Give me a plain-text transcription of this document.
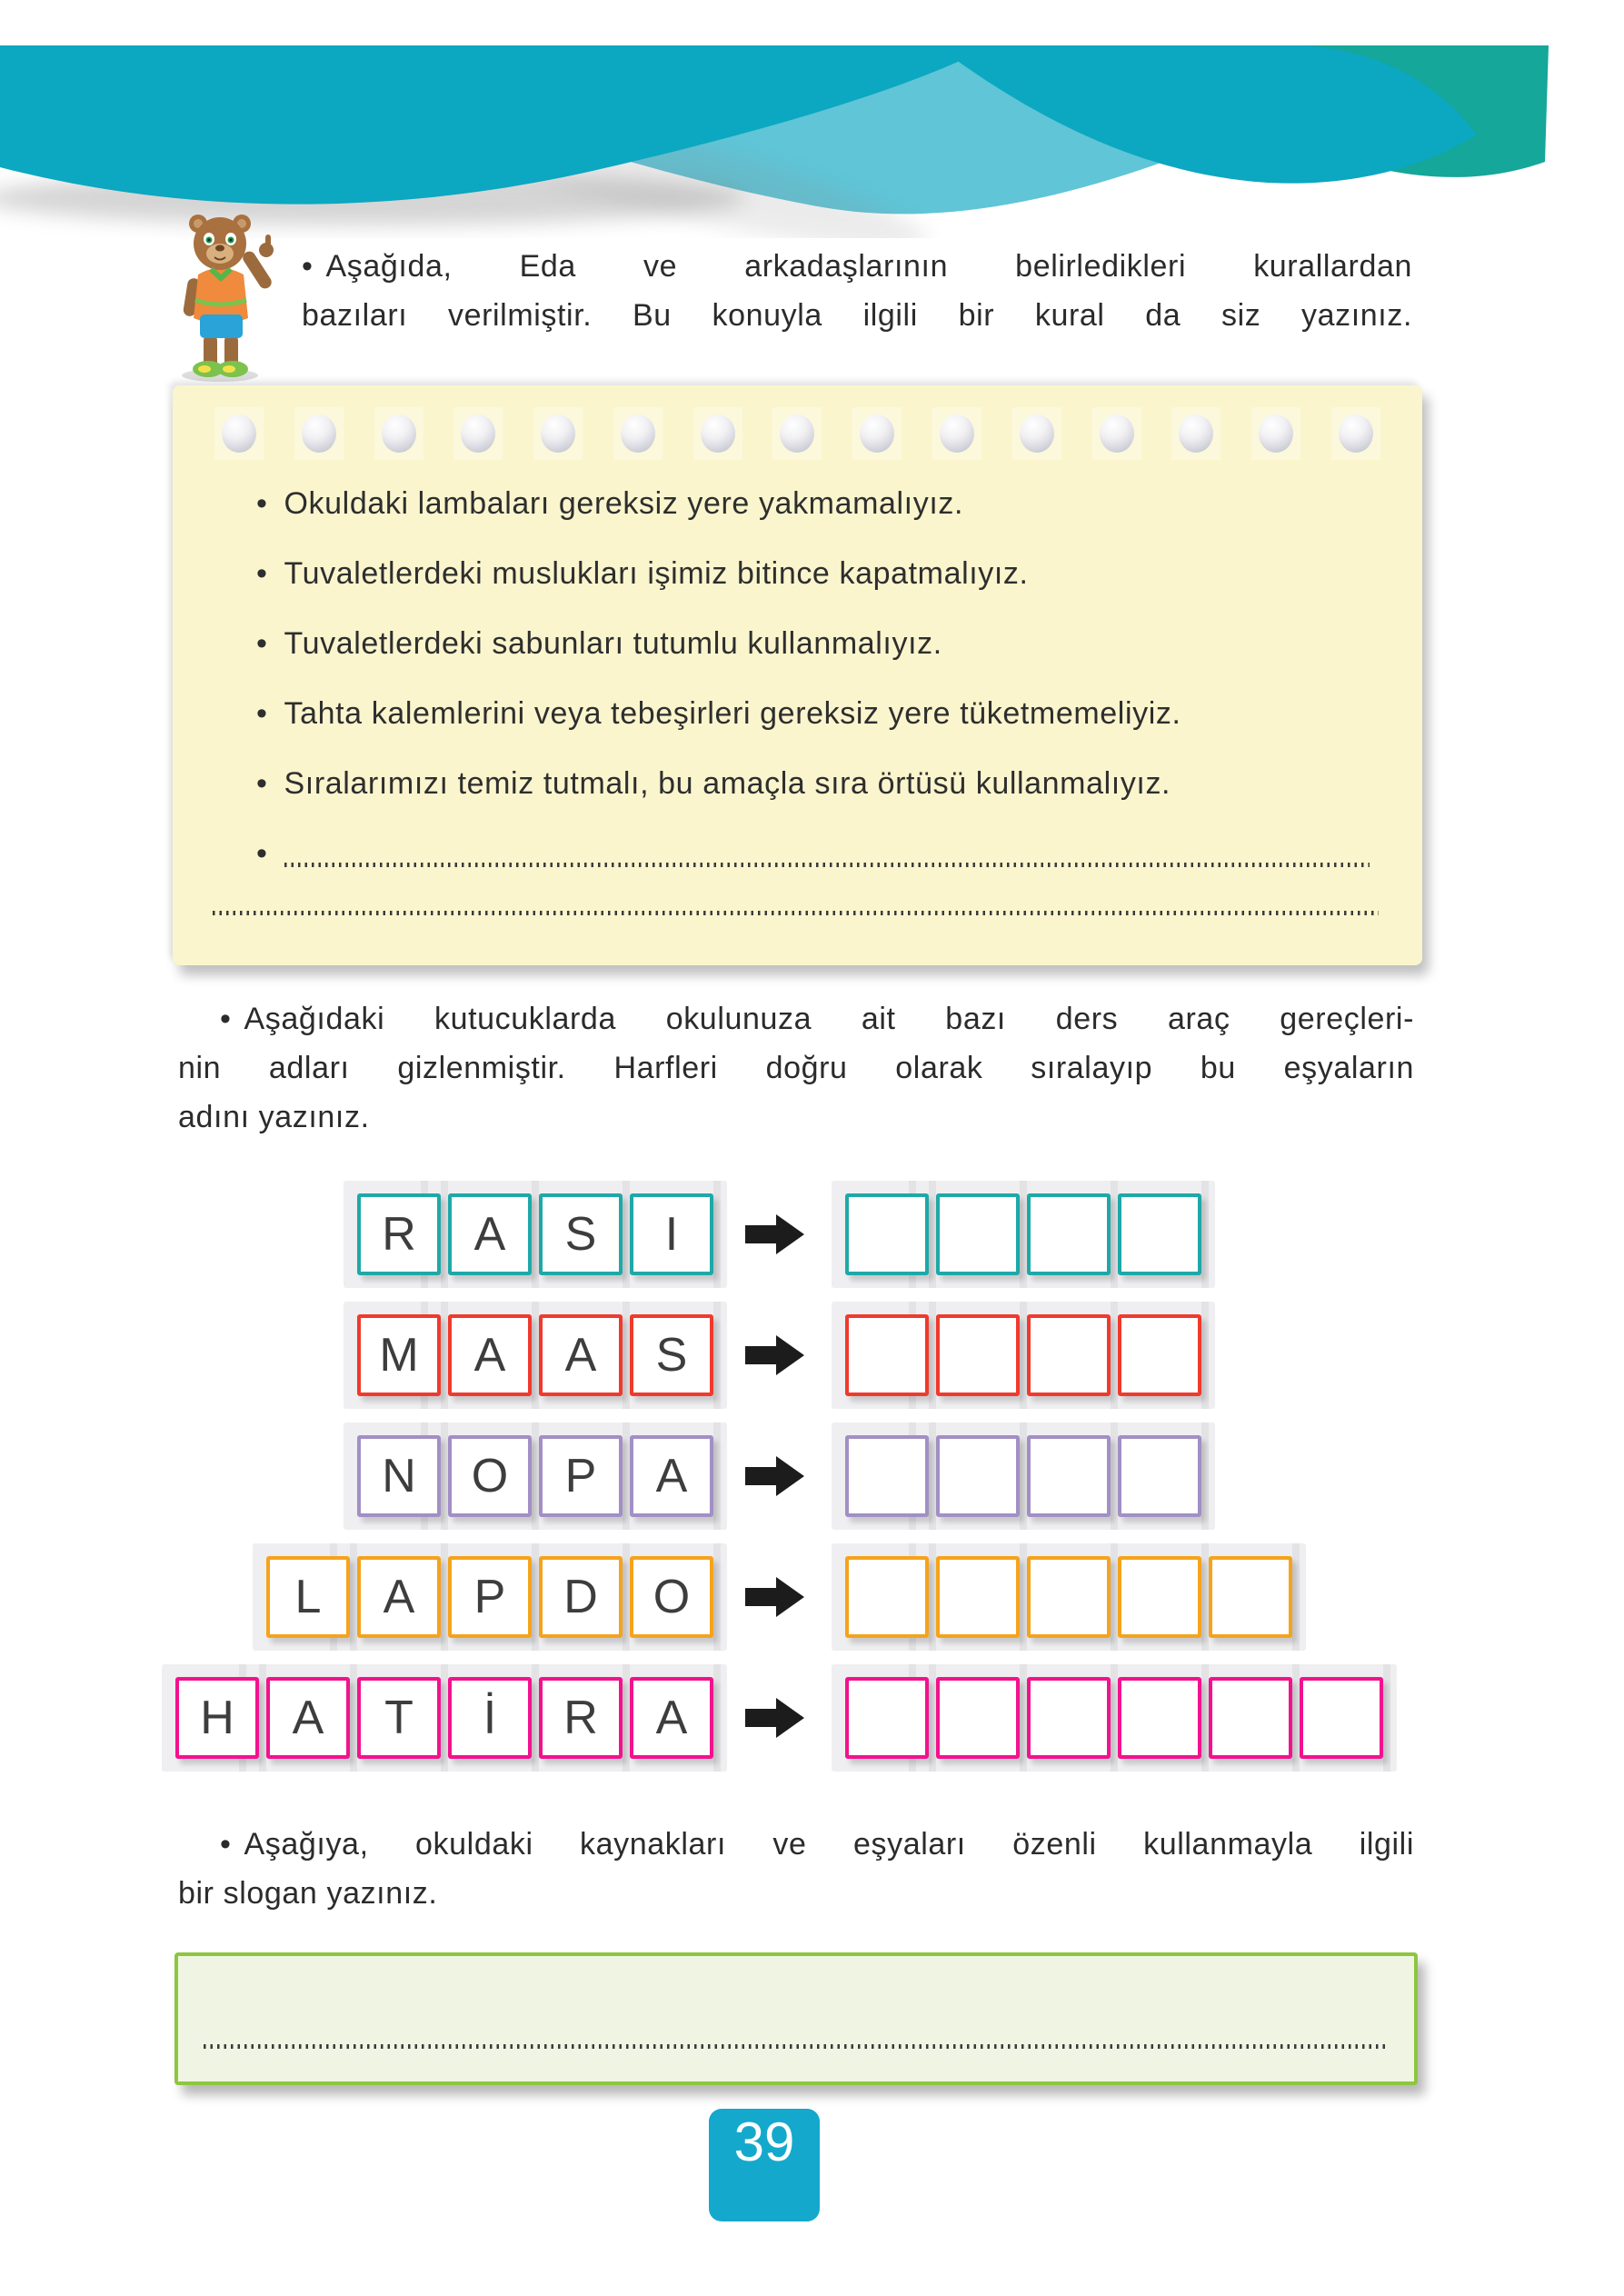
• Aşağıda, Eda ve arkadaşlarının belirledikleri kurallardan
bazıları verilmiştir. Bu konuyla ilgili bir kural da siz yazınız.
• Okuldaki lambaları gereksiz yere yakmamalıyız.
• Tuvaletlerdeki muslukları işimiz bitince kapatmalıyız.
• Tuvaletlerdeki sabunları tutumlu kullanmalıyız.
• Tahta kalemlerini veya tebeşirleri gereksiz yere tüketmemeliyiz.
• Sıralarımızı temiz tutmalı, bu amaçla sıra örtüsü kullanmalıyız.
•
• Aşağıdaki kutucuklarda okulunuza ait bazı ders araç gereçleri-
nin adları gizlenmiştir. Harfleri doğru olarak sıralayıp bu eşyaların
adını yazınız.
R	A	S	I
M	A	A	S
N	O	P	A
L	A	P	D	O
H	A	T	İ	R	A
• Aşağıya, okuldaki kaynakları ve eşyaları özenli kullanmayla ilgili
bir slogan yazınız.
39
